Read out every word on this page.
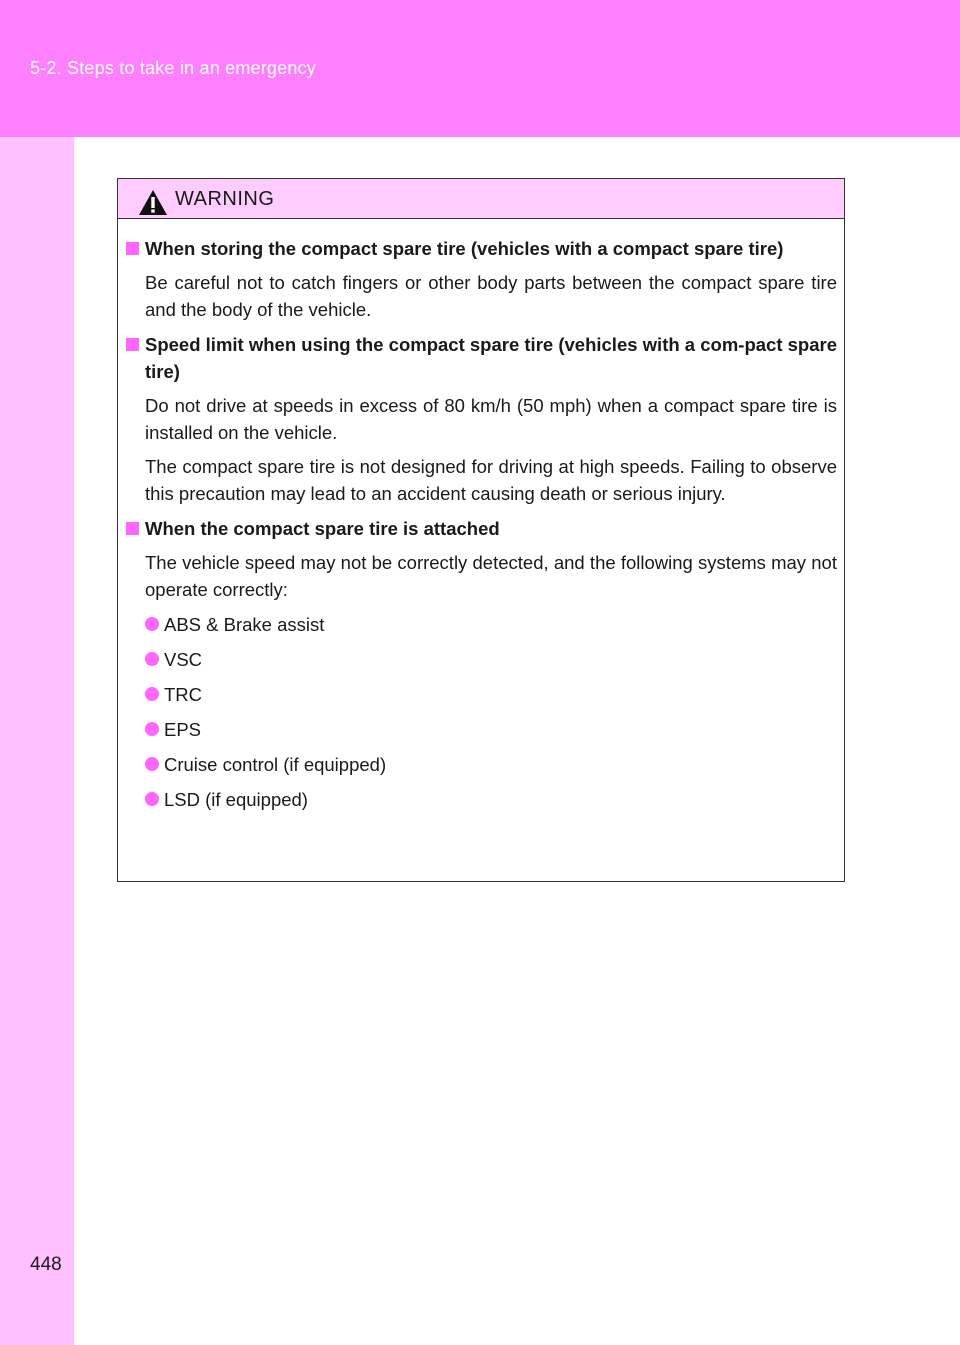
5-2. Steps to take in an emergency
WARNING

When storing the compact spare tire (vehicles with a compact spare tire)

Be careful not to catch fingers or other body parts between the compact spare tire and the body of the vehicle.

Speed limit when using the compact spare tire (vehicles with a com-pact spare tire)

Do not drive at speeds in excess of 80 km/h (50 mph) when a compact spare tire is installed on the vehicle.

The compact spare tire is not designed for driving at high speeds. Failing to observe this precaution may lead to an accident causing death or serious injury.

When the compact spare tire is attached

The vehicle speed may not be correctly detected, and the following systems may not operate correctly:

ABS & Brake assist
VSC
TRC
EPS
Cruise control (if equipped)
LSD (if equipped)
448
